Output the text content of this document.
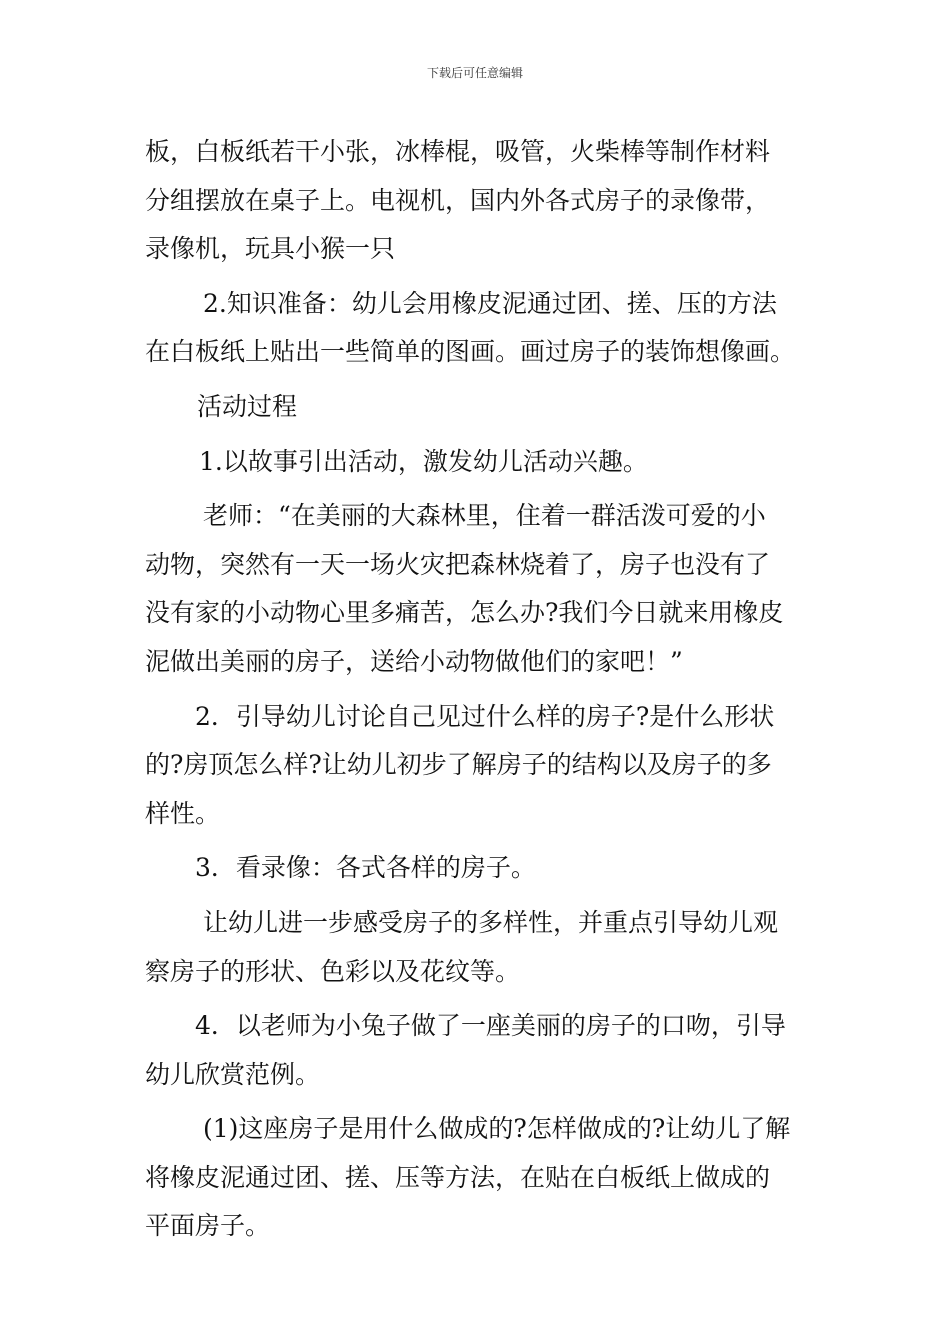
下载后可任意编辑
板，白板纸若干小张，冰棒棍，吸管，火柴棒等制作材料
分组摆放在桌子上。电视机，国内外各式房子的录像带，
录像机，玩具小猴一只
2.知识准备：幼儿会用橡皮泥通过团、搓、压的方法
在白板纸上贴出一些简单的图画。画过房子的装饰想像画。
活动过程
1.以故事引出活动，激发幼儿活动兴趣。
老师：“在美丽的大森林里，住着一群活泼可爱的小
动物，突然有一天一场火灾把森林烧着了，房子也没有了
没有家的小动物心里多痛苦，怎么办?我们今日就来用橡皮
泥做出美丽的房子，送给小动物做他们的家吧！”
2．引导幼儿讨论自己见过什么样的房子?是什么形状
的?房顶怎么样?让幼儿初步了解房子的结构以及房子的多
样性。
3．看录像：各式各样的房子。
让幼儿进一步感受房子的多样性，并重点引导幼儿观
察房子的形状、色彩以及花纹等。
4．以老师为小兔子做了一座美丽的房子的口吻，引导
幼儿欣赏范例。
(1)这座房子是用什么做成的?怎样做成的?让幼儿了解
将橡皮泥通过团、搓、压等方法，在贴在白板纸上做成的
平面房子。
